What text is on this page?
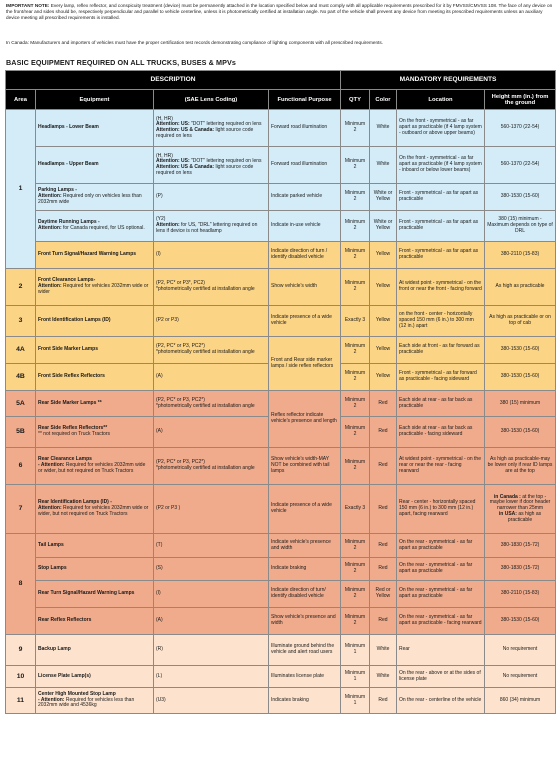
IMPORTANT NOTE: Every lamp, reflex reflector, and conspicuity treatment (device) must be permanently attached in the location specified below and must comply with all applicable requirements prescribed for it by FMVSS/CMVSS 108. The face of any device on the front/rear and sides should be, respectively perpendicular and parallel to vehicle centerline, unless it is photometrically certified at installation angle. No part of the vehicle shall prevent any device from meeting its prescribed requirements unless an auxiliary device meeting all prescribed requirements is installed.
In Canada: Manufacturers and importers of vehicles must have the proper certification test records demonstrating compliance of lighting components with all prescribed requirements.
BASIC EQUIPMENT REQUIRED ON ALL TRUCKS, BUSES & MPVs
DESCRIPTION				MANDATORY REQUIREMENTS			
Area	Equipment	(SAE Lens Coding)	Functional Purpose	QTY	Color	Location	Height mm (in.) from the ground
1	Headlamps - Lower Beam	(H, HR)
Attention: US: "DOT" lettering required on lens
Attention: US & Canada: light source code required on lens	Forward road illumination	Minimum 2	White	On the front - symmetrical - as far apart as practicable (if 4 lamp system - outboard or above upper beams)	560-1370 (22-54)
	Headlamps - Upper Beam	(H, HR)
Attention: US: "DOT" lettering required on lens
Attention: US & Canada: light source code required on lens	Forward road illumination	Minimum 2	White	On the front - symmetrical - as far apart as practicable (if 4 lamp system - inboard or below lower beams)	560-1370 (22-54)
	Parking Lamps -
Attention: Required only on vehicles less than 2032mm wide	(P)	Indicate parked vehicle	Minimum 2	White or Yellow	Front - symmetrical - as far apart as practicable	380-1530 (15-60)
	Daytime Running Lamps -
Attention: for Canada required, for US optional.	(Y2)
Attention: for US, "DRL" lettering required on lens if device is not headlamp	Indicate in-use vehicle	Minimum 2	White or Yellow	Front - symmetrical - as far apart as practicable	380 (15) minimum - Maximum depends on type of DRL
	Front Turn Signal/Hazard Warning Lamps	(I)	Indicate direction of turn / identify disabled vehicle	Minimum 2	Yellow	Front - symmetrical - as far apart as practicable	380-2110 (15-83)
2	Front Clearance Lamps-
Attention: Required for vehicles 2032mm wide or wider	(P2, PC* or P3*, PC2)
*photometrically certified at installation angle	Show vehicle's width	Minimum 2	Yellow	At widest point - symmetrical - on the front or near the front - facing forward	As high as practicable
3	Front Identification Lamps (ID)	(P2 or P3)	Indicate presence of a wide vehicle	Exactly 3	Yellow	on the front - center - horizontally spaced 150 mm (6 in.) to 300 mm (12 in.) apart	As high as practicable or on top of cab
4A	Front Side Marker Lamps	(P2, PC* or P3, PC2*)
*photometrically certified at installation angle	Front and Rear side marker lamps / side reflex reflectors	Minimum 2	Yellow	Each side at front - as far forward as practicable	380-1530 (15-60)
4B	Front Side Reflex Reflectors	(A)		Minimum 2	Yellow	Front - symmetrical - as far forward as practicable - facing sideward	380-1530 (15-60)
5A	Rear Side Marker Lamps **	(P2, PC* or P3, PC2*)
*photometrically certified at installation angle	Reflex reflector indicate vehicle's presence and length	Minimum 2	Red	Each side at rear - as far back as practicable	380 (15) minimum
5B	Rear Side Reflex Reflectors**
** not required on Truck Tractors	(A)		Minimum 2	Red	Each side at rear - as far back as practicable - facing sideward	380-1530 (15-60)
6	Rear Clearance Lamps
- Attention: Required for vehicles 2032mm wide or wider, but not required on Truck Tractors	(P2, PC* or P3, PC2*)
*photometrically certified at installation angle	Show vehicle's width-MAY NOT be combined with tail lamps	Minimum 2	Red	At widest point - symmetrical - on the rear or near the rear - facing rearward	As high as practicable-may be lower only if rear ID lamps are at the top
7	Rear Identification Lamps (ID) -
Attention: Required for vehicles 2032mm wide or wider, but not required on Truck Tractors	(P2 or P3 )	Indicate presence of a wide vehicle	Exactly 3	Red	Rear - center - horizontally spaced 150 mm (6 in.) to 300 mm (12 in.) apart, facing rearward	in Canada : at the top - maybe lower if door header narrower than 25mm
in USA: as high as practicable
8	Tail Lamps	(T)	Indicate vehicle's presence and width	Minimum 2	Red	On the rear - symmetrical - as far apart as practicable	380-1830 (15-72)
	Stop Lamps	(S)	Indicate braking	Minimum 2	Red	On the rear - symmetrical - as far apart as practicable	380-1830 (15-72)
	Rear Turn Signal/Hazard Warning Lamps	(I)	Indicate direction of turn/ identify disabled vehicle	Minimum 2	Red or Yellow	On the rear - symmetrical - as far apart as practicable	380-2110 (15-83)
	Rear Reflex Reflectors	(A)	Show vehicle's presence and width	Minimum 2	Red	On the rear - symmetrical - as far apart as practicable - facing rearward	380-1530 (15-60)
9	Backup Lamp	(R)	Illuminate ground behind the vehicle and alert road users	Minimum 1	White	Rear	No requirement
10	License Plate Lamp(s)	(L)	Illuminates license plate	Minimum 1	White	On the rear - above or at the sides of license plate	No requirement
11	Center High Mounted Stop Lamp
- Attention: Required for vehicles less than 2032mm wide and 4536kg	(U3)	Indicates braking	Minimum 1	Red	On the rear - centerline of the vehicle	860 (34) minimum
